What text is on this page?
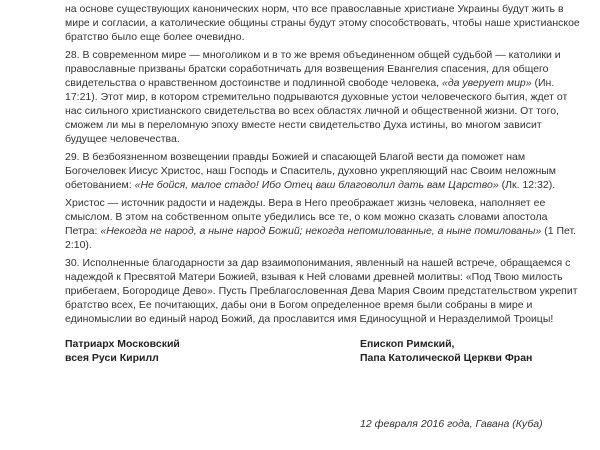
на основе существующих канонических норм, что все православные христиане Украины будут жить в мире и согласии, а католические общины страны будут этому способствовать, чтобы наше христианское братство было еще более очевидно.

28. В современном мире — многоликом и в то же время объединенном общей судьбой — католики и православные призваны братски соработничать для возвещения Евангелия спасения, для общего свидетельства о нравственном достоинстве и подлинной свободе человека, «да уверует мир» (Ин. 17:21). Этот мир, в котором стремительно подрываются духовные устои человеческого бытия, ждет от нас сильного христианского свидетельства во всех областях личной и общественной жизни. От того, сможем ли мы в переломную эпоху вместе нести свидетельство Духа истины, во многом зависит будущее человечества.

29. В безбоязненном возвещении правды Божией и спасающей Благой вести да поможет нам Богочеловек Иисус Христос, наш Господь и Спаситель, духовно укрепляющий нас Своим неложным обетованием: «Не бойся, малое стадо! Ибо Отец ваш благоволил дать вам Царство» (Лк. 12:32).

Христос — источник радости и надежды. Вера в Него преображает жизнь человека, наполняет ее смыслом. В этом на собственном опыте убедились все те, о ком можно сказать словами апостола Петра: «Некогда не народ, а ныне народ Божий; некогда непомилованные, а ныне помилованы» (1 Пет. 2:10).

30. Исполненные благодарности за дар взаимопонимания, явленный на нашей встрече, обращаемся с надеждой к Пресвятой Матери Божией, взывая к Ней словами древней молитвы: «Под Твою милость прибегаем, Богородице Дево». Пусть Преблагословенная Дева Мария Своим предстательством укрепит братство всех, Ее почитающих, дабы они в Богом определенное время были собраны в мире и единомыслии во единый народ Божий, да прославится имя Единосущной и Неразделимой Троицы!

Патриарх Московский
всея Руси Кирилл
Епископ Римский,
Папа Католической Церкви Фран
12 февраля 2016 года, Гавана (Куба)
